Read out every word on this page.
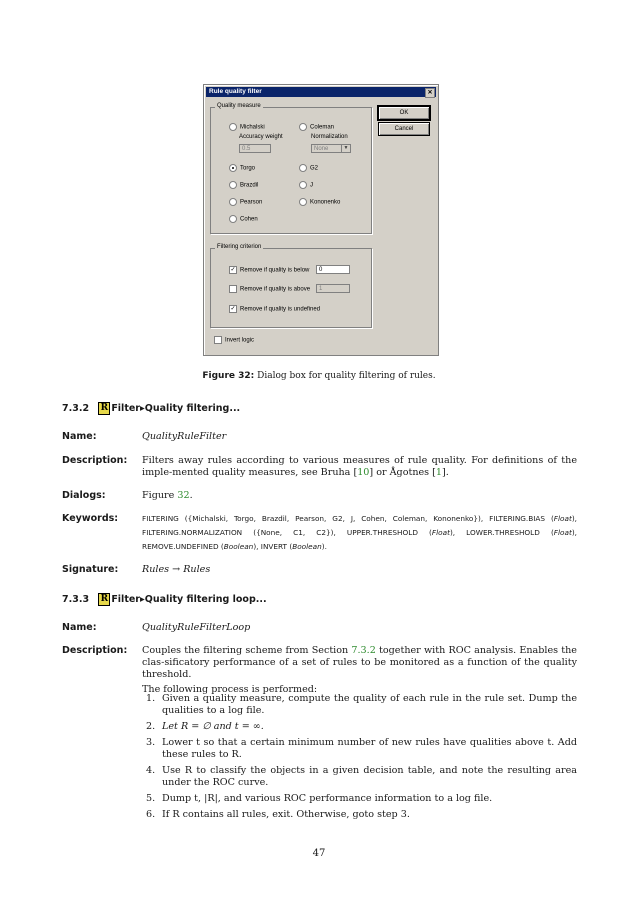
Rule quality filter	✕
OK
Cancel
Quality measure
Michalski	Coleman
Accuracy weight	Normalization
0.5	None	▼
Torgo	G2
Brazdil	J
Pearson	Kononenko
Cohen
Filtering criterion
✓ Remove if quality is below	0
Remove if quality is above	1
✓ Remove if quality is undefined
Invert logic
Figure 32: Dialog box for quality filtering of rules.
7.3.2 R Filter▸Quality filtering...
Name:	QualityRuleFilter
Description: Filters away rules according to various measures of rule quality. For definitions of the imple-mented quality measures, see Bruha [10] or Ågotnes [1].
Dialogs:	Figure 32.
Keywords:	FILTERING ({Michalski, Torgo, Brazdil, Pearson, G2, J, Cohen, Coleman, Kononenko}), FILTERING.BIAS (Float), FILTERING.NORMALIZATION ({None, C1, C2}), UPPER.THRESHOLD (Float), LOWER.THRESHOLD (Float), REMOVE.UNDEFINED (Boolean), INVERT (Boolean).
Signature: Rules → Rules
7.3.3 R Filter▸Quality filtering loop...
Name:	QualityRuleFilterLoop
Description: Couples the filtering scheme from Section 7.3.2 together with ROC analysis. Enables the clas-sificatory performance of a set of rules to be monitored as a function of the quality threshold.
The following process is performed:
1. Given a quality measure, compute the quality of each rule in the rule set. Dump the qualities to a log file.
2. Let R = ∅ and t = ∞.
3. Lower t so that a certain minimum number of new rules have qualities above t. Add these rules to R.
4. Use R to classify the objects in a given decision table, and note the resulting area under the ROC curve.
5. Dump t, |R|, and various ROC performance information to a log file.
6. If R contains all rules, exit. Otherwise, goto step 3.
47
